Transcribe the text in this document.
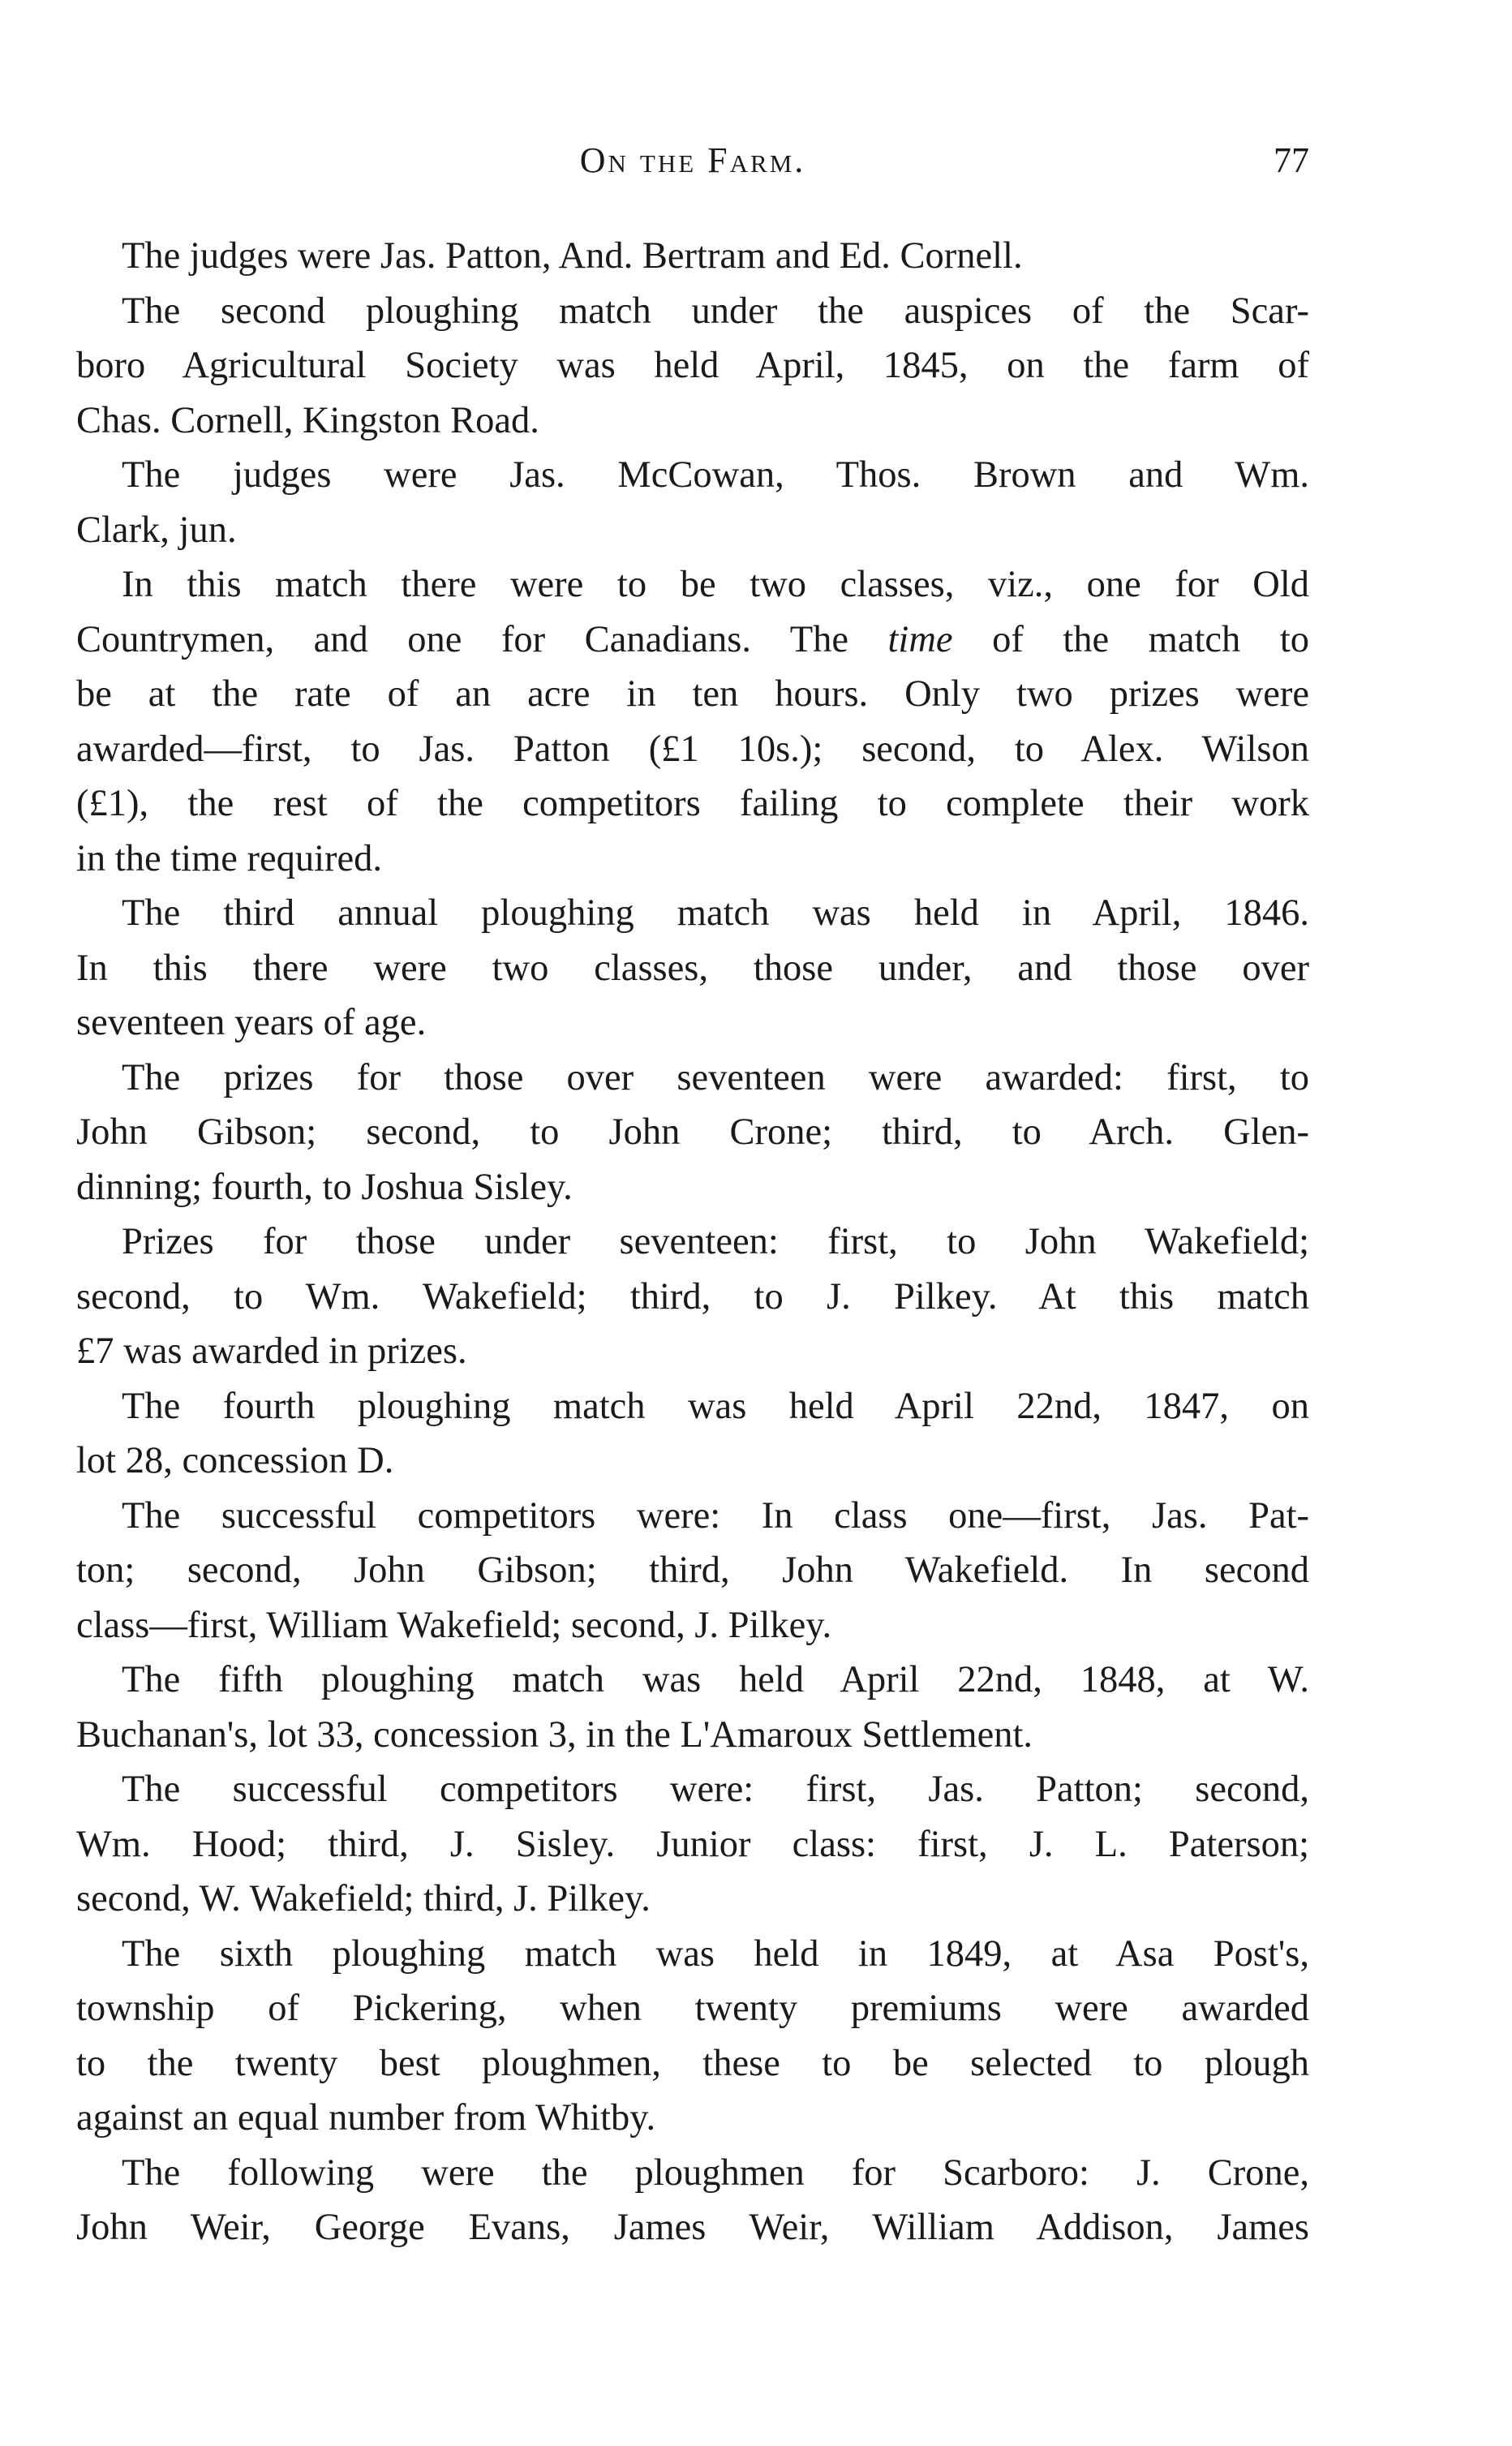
On the Farm.	77
The judges were Jas. Patton, And. Bertram and Ed. Cornell.
The second ploughing match under the auspices of the Scar-
boro Agricultural Society was held April, 1845, on the farm of
Chas. Cornell, Kingston Road.
The judges were Jas. McCowan, Thos. Brown and Wm.
Clark, jun.
In this match there were to be two classes, viz., one for Old
Countrymen, and one for Canadians. The time of the match to
be at the rate of an acre in ten hours. Only two prizes were
awarded—first, to Jas. Patton (£1 10s.); second, to Alex. Wilson
(£1), the rest of the competitors failing to complete their work
in the time required.
The third annual ploughing match was held in April, 1846.
In this there were two classes, those under, and those over
seventeen years of age.
The prizes for those over seventeen were awarded: first, to
John Gibson; second, to John Crone; third, to Arch. Glen-
dinning; fourth, to Joshua Sisley.
Prizes for those under seventeen: first, to John Wakefield;
second, to Wm. Wakefield; third, to J. Pilkey. At this match
£7 was awarded in prizes.
The fourth ploughing match was held April 22nd, 1847, on
lot 28, concession D.
The successful competitors were: In class one—first, Jas. Pat-
ton; second, John Gibson; third, John Wakefield. In second
class—first, William Wakefield; second, J. Pilkey.
The fifth ploughing match was held April 22nd, 1848, at W.
Buchanan's, lot 33, concession 3, in the L'Amaroux Settlement.
The successful competitors were: first, Jas. Patton; second,
Wm. Hood; third, J. Sisley. Junior class: first, J. L. Paterson;
second, W. Wakefield; third, J. Pilkey.
The sixth ploughing match was held in 1849, at Asa Post's,
township of Pickering, when twenty premiums were awarded
to the twenty best ploughmen, these to be selected to plough
against an equal number from Whitby.
The following were the ploughmen for Scarboro: J. Crone,
John Weir, George Evans, James Weir, William Addison, James
